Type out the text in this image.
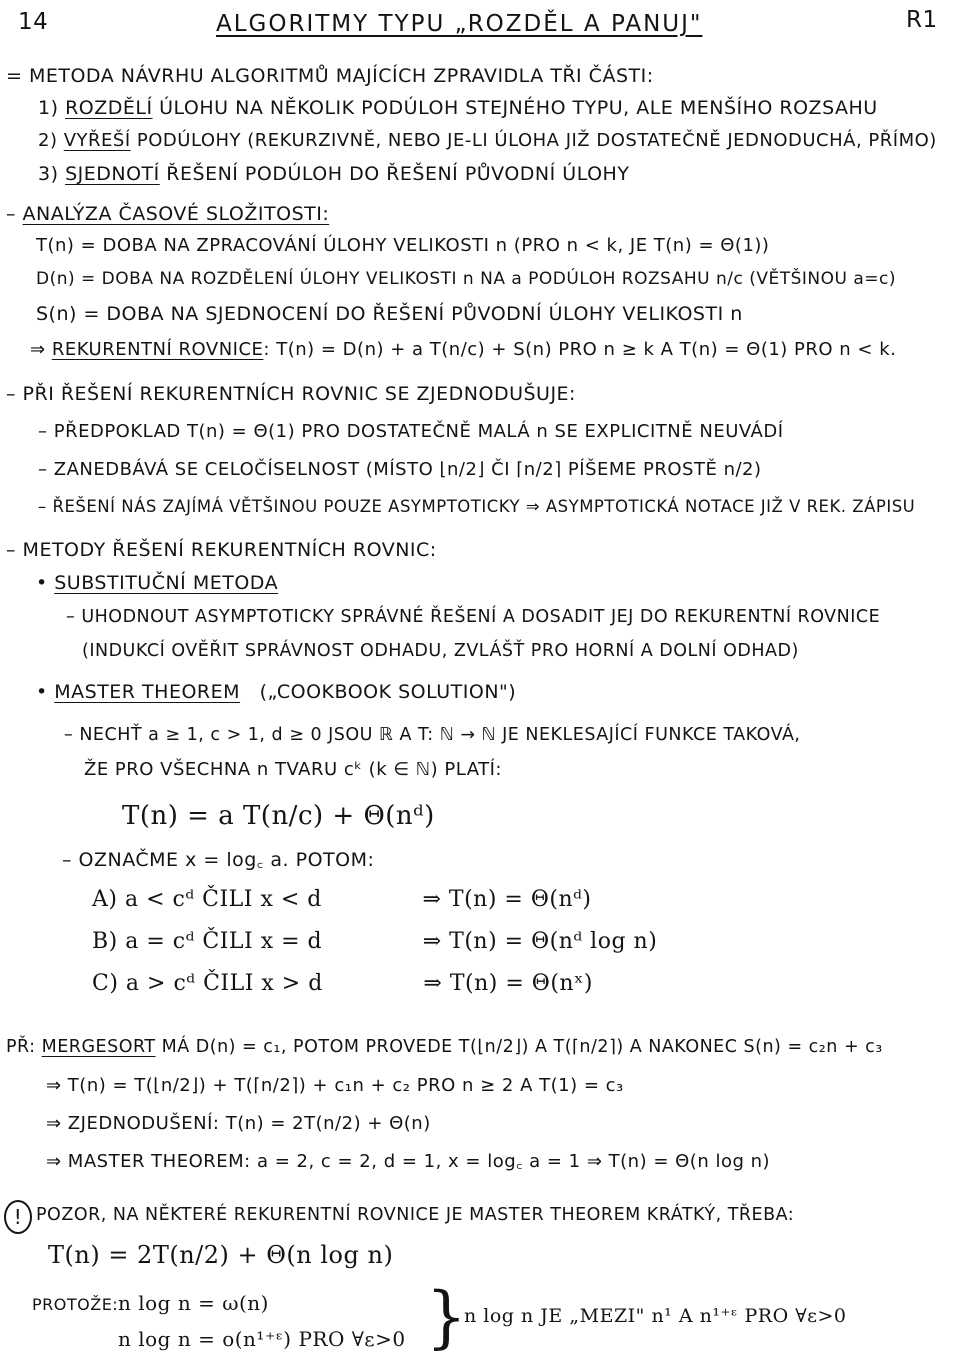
14	ALGORITMY TYPU „ROZDĚL A PANUJ"	R1
= METODA NÁVRHU ALGORITMŮ MAJÍCÍCH ZPRAVIDLA TŘI ČÁSTI:
1) ROZDĚLÍ ÚLOHU NA NĚKOLIK PODÚLOH STEJNÉHO TYPU, ALE MENŠÍHO ROZSAHU
2) VYŘEŠÍ PODÚLOHY (REKURZIVNĚ, NEBO JE-LI ÚLOHA JIŽ DOSTATEČNĚ JEDNODUCHÁ, PŘÍMO)
3) SJEDNOTÍ ŘEŠENÍ PODÚLOH DO ŘEŠENÍ PŮVODNÍ ÚLOHY
– ANALÝZA ČASOVÉ SLOŽITOSTI:
T(n) = DOBA NA ZPRACOVÁNÍ ÚLOHY VELIKOSTI n (PRO n < k, JE T(n) = Θ(1))
D(n) = DOBA NA ROZDĚLENÍ ÚLOHY VELIKOSTI n NA a PODÚLOH ROZSAHU n/c (VĚTŠINOU a=c)
S(n) = DOBA NA SJEDNOCENÍ DO ŘEŠENÍ PŮVODNÍ ÚLOHY VELIKOSTI n
⇒ REKURENTNÍ ROVNICE: T(n) = D(n) + a T(n/c) + S(n) PRO n ≥ k A T(n) = Θ(1) PRO n < k.
– PŘI ŘEŠENÍ REKURENTNÍCH ROVNIC SE ZJEDNODUŠUJE:
– PŘEDPOKLAD T(n) = Θ(1) PRO DOSTATEČNĚ MALÁ n SE EXPLICITNĚ NEUVÁDÍ
– ZANEDBÁVÁ SE CELOČÍSELNOST (MÍSTO ⌊n/2⌋ ČI ⌈n/2⌉ PÍŠEME PROSTĚ n/2)
– ŘEŠENÍ NÁS ZAJÍMÁ VĚTŠINOU POUZE ASYMPTOTICKY ⇒ ASYMPTOTICKÁ NOTACE JIŽ V REK. ZÁPISU
– METODY ŘEŠENÍ REKURENTNÍCH ROVNIC:
• SUBSTITUČNÍ METODA
– UHODNOUT ASYMPTOTICKY SPRÁVNÉ ŘEŠENÍ A DOSADIT JEJ DO REKURENTNÍ ROVNICE
(INDUKCÍ OVĚŘIT SPRÁVNOST ODHADU, ZVLÁŠŤ PRO HORNÍ A DOLNÍ ODHAD)
• MASTER THEOREM („COOKBOOK SOLUTION")
– NECHŤ a ≥ 1, c > 1, d ≥ 0 JSOU ℝ A T: ℕ → ℕ JE NEKLESAJÍCÍ FUNKCE TAKOVÁ,
ŽE PRO VŠECHNA n TVARU cᵏ (k ∈ ℕ) PLATÍ:
T(n) = a T(n/c) + Θ(nᵈ)
– OZNAČME x = log꜀ a. POTOM:
A) a < cᵈ ČILI x < d	⇒ T(n) = Θ(nᵈ)
B) a = cᵈ ČILI x = d	⇒ T(n) = Θ(nᵈ log n)
C) a > cᵈ ČILI x > d	⇒ T(n) = Θ(nˣ)
PŘ: MERGESORT MÁ D(n) = c₁, POTOM PROVEDE T(⌊n/2⌋) A T(⌈n/2⌉) A NAKONEC S(n) = c₂n + c₃
⇒ T(n) = T(⌊n/2⌋) + T(⌈n/2⌉) + c₁n + c₂ PRO n ≥ 2 A T(1) = c₃
⇒ ZJEDNODUŠENÍ: T(n) = 2T(n/2) + Θ(n)
⇒ MASTER THEOREM: a = 2, c = 2, d = 1, x = log꜀ a = 1 ⇒ T(n) = Θ(n log n)
! POZOR, NA NĚKTERÉ REKURENTNÍ ROVNICE JE MASTER THEOREM KRÁTKÝ, TŘEBA:
T(n) = 2T(n/2) + Θ(n log n)
PROTOŽE: n log n = ω(n)
n log n = o(n¹⁺ᵋ) PRO ∀ε>0 }
n log n JE „MEZI" n¹ A n¹⁺ᵋ PRO ∀ε>0
